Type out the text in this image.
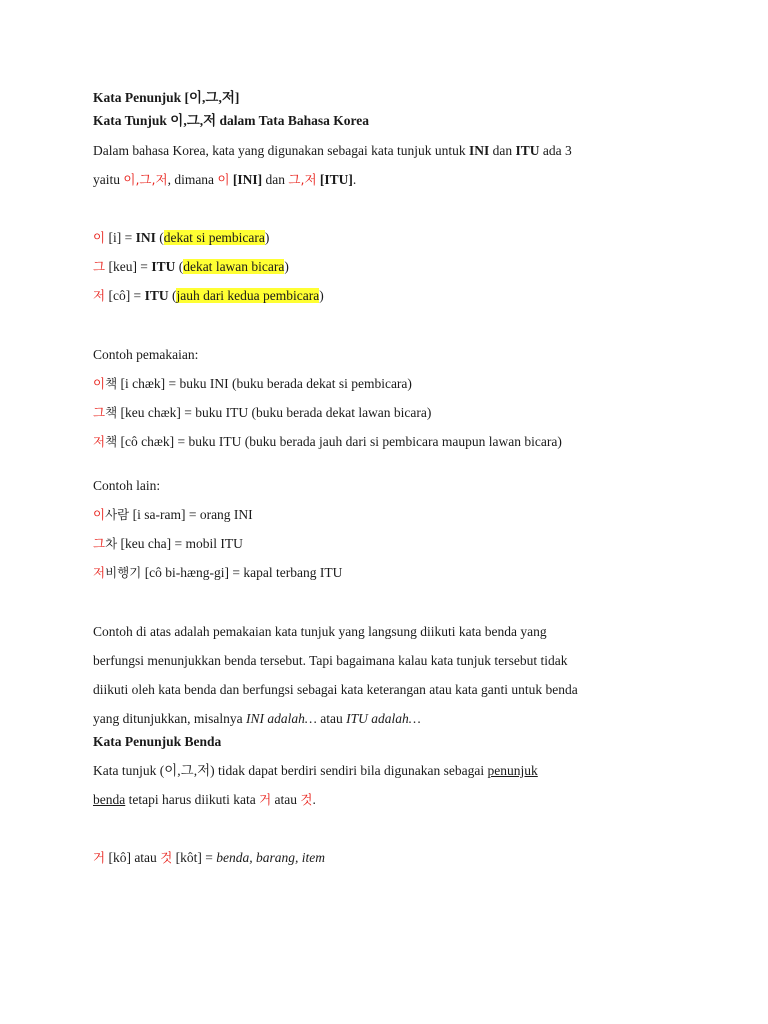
Kata Penunjuk [이,그,저]
Kata Tunjuk 이,그,저 dalam Tata Bahasa Korea
Dalam bahasa Korea, kata yang digunakan sebagai kata tunjuk untuk INI dan ITU ada 3
yaitu 이,그,저, dimana 이 [INI] dan 그,저 [ITU].
이 [i] = INI (dekat si pembicara)
그 [keu] = ITU (dekat lawan bicara)
저 [cô] = ITU (jauh dari kedua pembicara)
Contoh pemakaian:
이책 [i chæk] = buku INI (buku berada dekat si pembicara)
그책 [keu chæk] = buku ITU (buku berada dekat lawan bicara)
저책 [cô chæk] = buku ITU (buku berada jauh dari si pembicara maupun lawan bicara)
Contoh lain:
이사람 [i sa-ram] = orang INI
그차 [keu cha] = mobil ITU
저비행기 [cô bi-hæng-gi] = kapal terbang ITU
Contoh di atas adalah pemakaian kata tunjuk yang langsung diikuti kata benda yang
berfungsi menunjukkan benda tersebut. Tapi bagaimana kalau kata tunjuk tersebut tidak
diikuti oleh kata benda dan berfungsi sebagai kata keterangan atau kata ganti untuk benda
yang ditunjukkan, misalnya INI adalah… atau ITU adalah…
Kata Penunjuk Benda
Kata tunjuk (이,그,저) tidak dapat berdiri sendiri bila digunakan sebagai penunjuk
benda tetapi harus diikuti kata 거 atau 것.
거 [kô] atau 것 [kôt] = benda, barang, item
